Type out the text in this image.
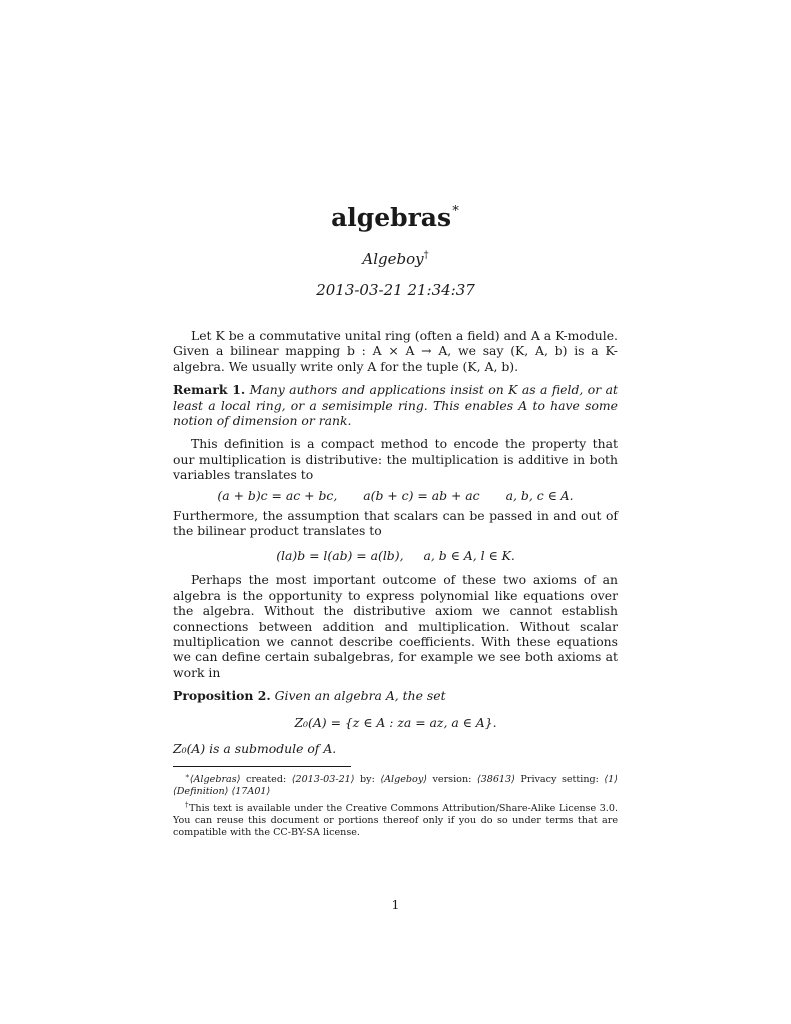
algebras∗
Algeboy†
2013-03-21 21:34:37

Let K be a commutative unital ring (often a field) and A a K-module. Given a bilinear mapping b : A × A → A, we say (K, A, b) is a K-algebra. We usually write only A for the tuple (K, A, b).

Remark 1. Many authors and applications insist on K as a field, or at least a local ring, or a semisimple ring. This enables A to have some notion of dimension or rank.

This definition is a compact method to encode the property that our multiplication is distributive: the multiplication is additive in both variables translates to

(a + b)c = ac + bc, a(b + c) = ab + ac a, b, c ∈ A.

Furthermore, the assumption that scalars can be passed in and out of the bilinear product translates to

(la)b = l(ab) = a(lb), a, b ∈ A, l ∈ K.

Perhaps the most important outcome of these two axioms of an algebra is the opportunity to express polynomial like equations over the algebra. Without the distributive axiom we cannot establish connections between addition and multiplication. Without scalar multiplication we cannot describe coefficients. With these equations we can define certain subalgebras, for example we see both axioms at work in

Proposition 2. Given an algebra A, the set

Z₀(A) = {z ∈ A : za = az, a ∈ A}.

Z₀(A) is a submodule of A.

∗⟨Algebras⟩ created: ⟨2013-03-21⟩ by: ⟨Algeboy⟩ version: ⟨38613⟩ Privacy setting: ⟨1⟩ ⟨Definition⟩ ⟨17A01⟩

†This text is available under the Creative Commons Attribution/Share-Alike License 3.0. You can reuse this document or portions thereof only if you do so under terms that are compatible with the CC-BY-SA license.

1
